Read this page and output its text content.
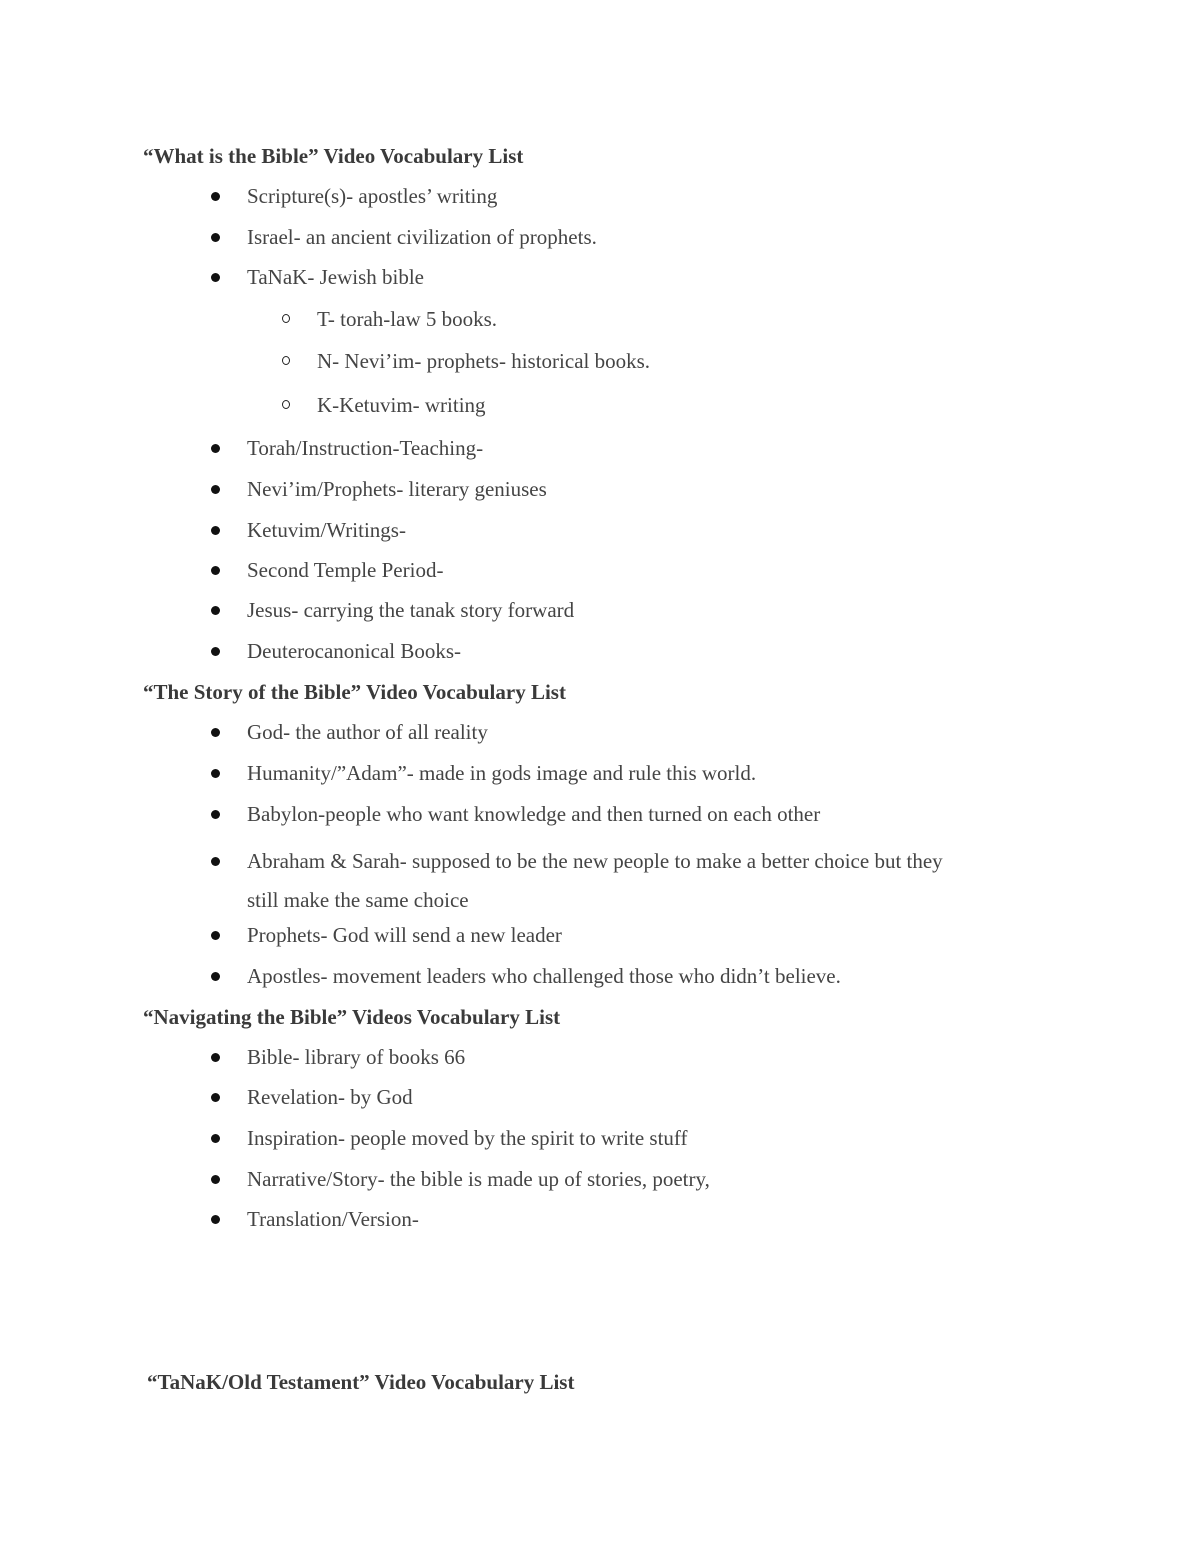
“What is the Bible” Video Vocabulary List
Scripture(s)- apostles’ writing
Israel- an ancient civilization of prophets.
TaNaK- Jewish bible
T- torah-law 5 books.
N- Nevi’im- prophets- historical books.
K-Ketuvim- writing
Torah/Instruction-Teaching-
Nevi’im/Prophets- literary geniuses
Ketuvim/Writings-
Second Temple Period-
Jesus- carrying the tanak story forward
Deuterocanonical Books-
“The Story of the Bible” Video Vocabulary List
God- the author of all reality
Humanity/”Adam”- made in gods image and rule this world.
Babylon-people who want knowledge and then turned on each other
Abraham & Sarah- supposed to be the new people to make a better choice but they
still make the same choice
Prophets- God will send a new leader
Apostles- movement leaders who challenged those who didn’t believe.
“Navigating the Bible” Videos Vocabulary List
Bible- library of books 66
Revelation- by God
Inspiration- people moved by the spirit to write stuff
Narrative/Story- the bible is made up of stories, poetry,
Translation/Version-
“TaNaK/Old Testament” Video Vocabulary List
